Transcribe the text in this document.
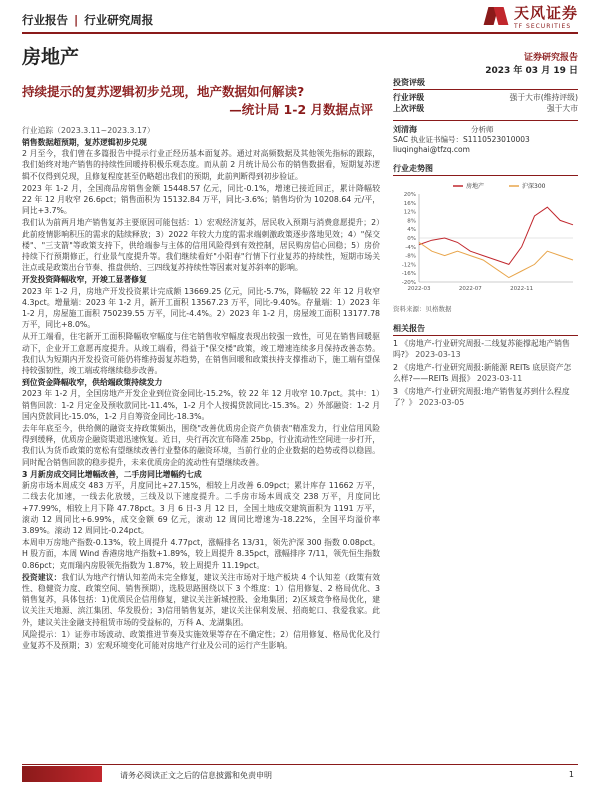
行业报告 | 行业研究周报	天风证券
TF SECURITIES
房地产	证券研究报告
2023 年 03 月 19 日
持续提示的复苏逻辑初步兑现，地产数据如何解读?
—统计局 1-2 月数据点评
行业追踪（2023.3.11~2023.3.17）
销售数据超预期，复苏逻辑初步兑现

2 月至今，我们曾在多篇报告中提示行业正经历基本面复苏。通过对高频数据及其他领先指标的跟踪，我们始终对地产销售的持续性回暖持积极乐观态度。而从前 2 月统计局公布的销售数据看，短期复苏逻辑不仅得到兑现，且修复程度甚至仍略超出我们的预期，此前判断得到初步验证。

2023 年 1-2 月，全国商品房销售金额 15448.57 亿元，同比-0.1%，增速已接近回正，累计降幅较 22 年 12 月收窄 26.6pct；销售面积为 15132.84 万平，同比-3.6%；销售均价为 10208.64 元/平，同比+3.7%。

我们认为前两月地产销售复苏主要原因可能包括：1）宏观经济复苏，居民收入预期与消费意愿提升；2）此前疫情影响积压的需求的陆续释放；3）2022 年较大力度的需求端刺激政策逐步落地见效；4）"保交楼"、"三支箭"等政策支持下，供给端参与主体的信用风险得到有效控制，居民购房信心回稳；5）房价持续下行预期修正，行业景气度提升等。我们继续看好"小阳春"行情下行业复苏的持续性，短期市场关注点或是政策出台节奏、推盘供给、三四线复苏持续性等因素对复苏斜率的影响。

开发投资降幅收窄，开竣工显著修复

2023 年 1-2 月，房地产开发投资累计完成额 13669.25 亿元，同比-5.7%，降幅较 22 年 12 月收窄 4.3pct。增量端：2023 年 1-2 月，新开工面积 13567.23 万平，同比-9.40%。存量端：1）2023 年 1-2 月，房屋施工面积 750239.55 万平，同比-4.4%。2）2023 年 1-2 月，房屋竣工面积 13177.78 万平，同比+8.0%。

从开工端看，住宅新开工面积降幅收窄幅度与住宅销售收窄幅度表现出较强一致性，可见在销售回暖驱动下，企业开工意愿再度提升。从竣工端看，得益于"保交楼"政策，竣工增速连续多月保持改善态势。我们认为短期内开发投资可能仍将维持弱复苏趋势，在销售回暖和政策扶持支撑推动下，施工端有望保持较强韧性，竣工端或将继续稳步改善。

到位资金降幅收窄，供给端政策持续发力

2023 年 1-2 月，全国房地产开发企业到位资金同比-15.2%，较 22 年 12 月收窄 10.7pct。其中：1）销售回款：1-2 月定金及预收款同比-11.4%，1-2 月个人按揭贷款同比-15.3%。2）外部融资：1-2 月国内贷款同比-15.0%，1-2 月自筹资金同比-18.3%。

去年年底至今，供给侧的融资支持政策频出，围绕"改善优质房企资产负债表"精准发力，行业信用风险得到缓释，优质房企融资渠道迅速恢复。近日，央行再次宣布降准 25bp，行业流动性空间进一步打开，我们认为货币政策的宽松有望继续改善行业整体的融资环境，当前行业的企业数据的趋势或得以稳固。同时配合销售回款的稳步提升，未来优质房企的流动性有望继续改善。

3 月新房成交同比增幅改善，二手房同比增幅约七成

新房市场本周成交 483 万平，月度同比+27.15%，相较上月改善 6.09pct；累计库存 11662 万平，二线去化加速，一线去化放缓，三线及以下速度提升。二手房市场本周成交 238 万平，月度同比+77.99%，相较上月下降 47.78pct。3 月 6 日-3 月 12 日，全国土地成交建筑面积为 1191 万平，滚动 12 周同比+6.99%，成交金额 69 亿元，滚动 12 周同比增速为-18.22%，全国平均溢价率 3.89%。滚动 12 周同比-0.24pct。

本周申万房地产指数-0.13%，较上周提升 4.77pct，涨幅排名 13/31，领先沪深 300 指数 0.08pct。H 股方面，本周 Wind 香港房地产指数+1.89%，较上周提升 8.35pct，涨幅排序 7/11，领先恒生指数 0.86pct；克而瑞内房股领先指数为 1.87%，较上周提升 11.19pct。

投资建议：我们认为地产行情认知差尚未完全修复，建议关注市场对于地产板块 4 个认知差（政策有效性、稳健资力度、政策空间、销售预期），选股思路围绕以下 3 个维度：1）信用修复、2 格局优化、3 销售复苏，具体包括：1)优质民企信用修复，建议关注新城控股、金地集团；2)区域竞争格局优化，建议关注天地源、滨江集团、华发股份；3)信用销售复苏，建议关注保利发展、招商蛇口、我爱我家。此外，建议关注金融支持租赁市场的受益标的，万科 A、龙湖集团。

风险提示：1）证券市场波动、政策推进节奏及实施效果等存在不确定性；2）信用修复、格局优化及行业复苏不及预期；3）宏观环境变化可能对房地产行业及公司的运行产生影响。

投资评级
行业评级	强于大市(维持评级)
上次评级	强于大市
刘清海	分析师
SAC 执业证书编号：S1110523010003
liuqinghai@tfzq.com
行业走势图
20%
16%
12%
8%
4%
0%
-4%
-8%
-12%
-16%
-20%
2022-03	2022-07	2022-11
房地产	沪深300
资料来源：贝格数据
相关报告
1 《房地产-行业研究周报-二线复苏能撑起地产销售吗?》 2023-03-13
2 《房地产-行业研究周报:新能源 REITs 底层资产怎么样?——REITs 周报》 2023-03-11
3 《房地产-行业研究周报:地产销售复苏到什么程度了？》 2023-03-05
请务必阅读正文之后的信息披露和免责申明	1
